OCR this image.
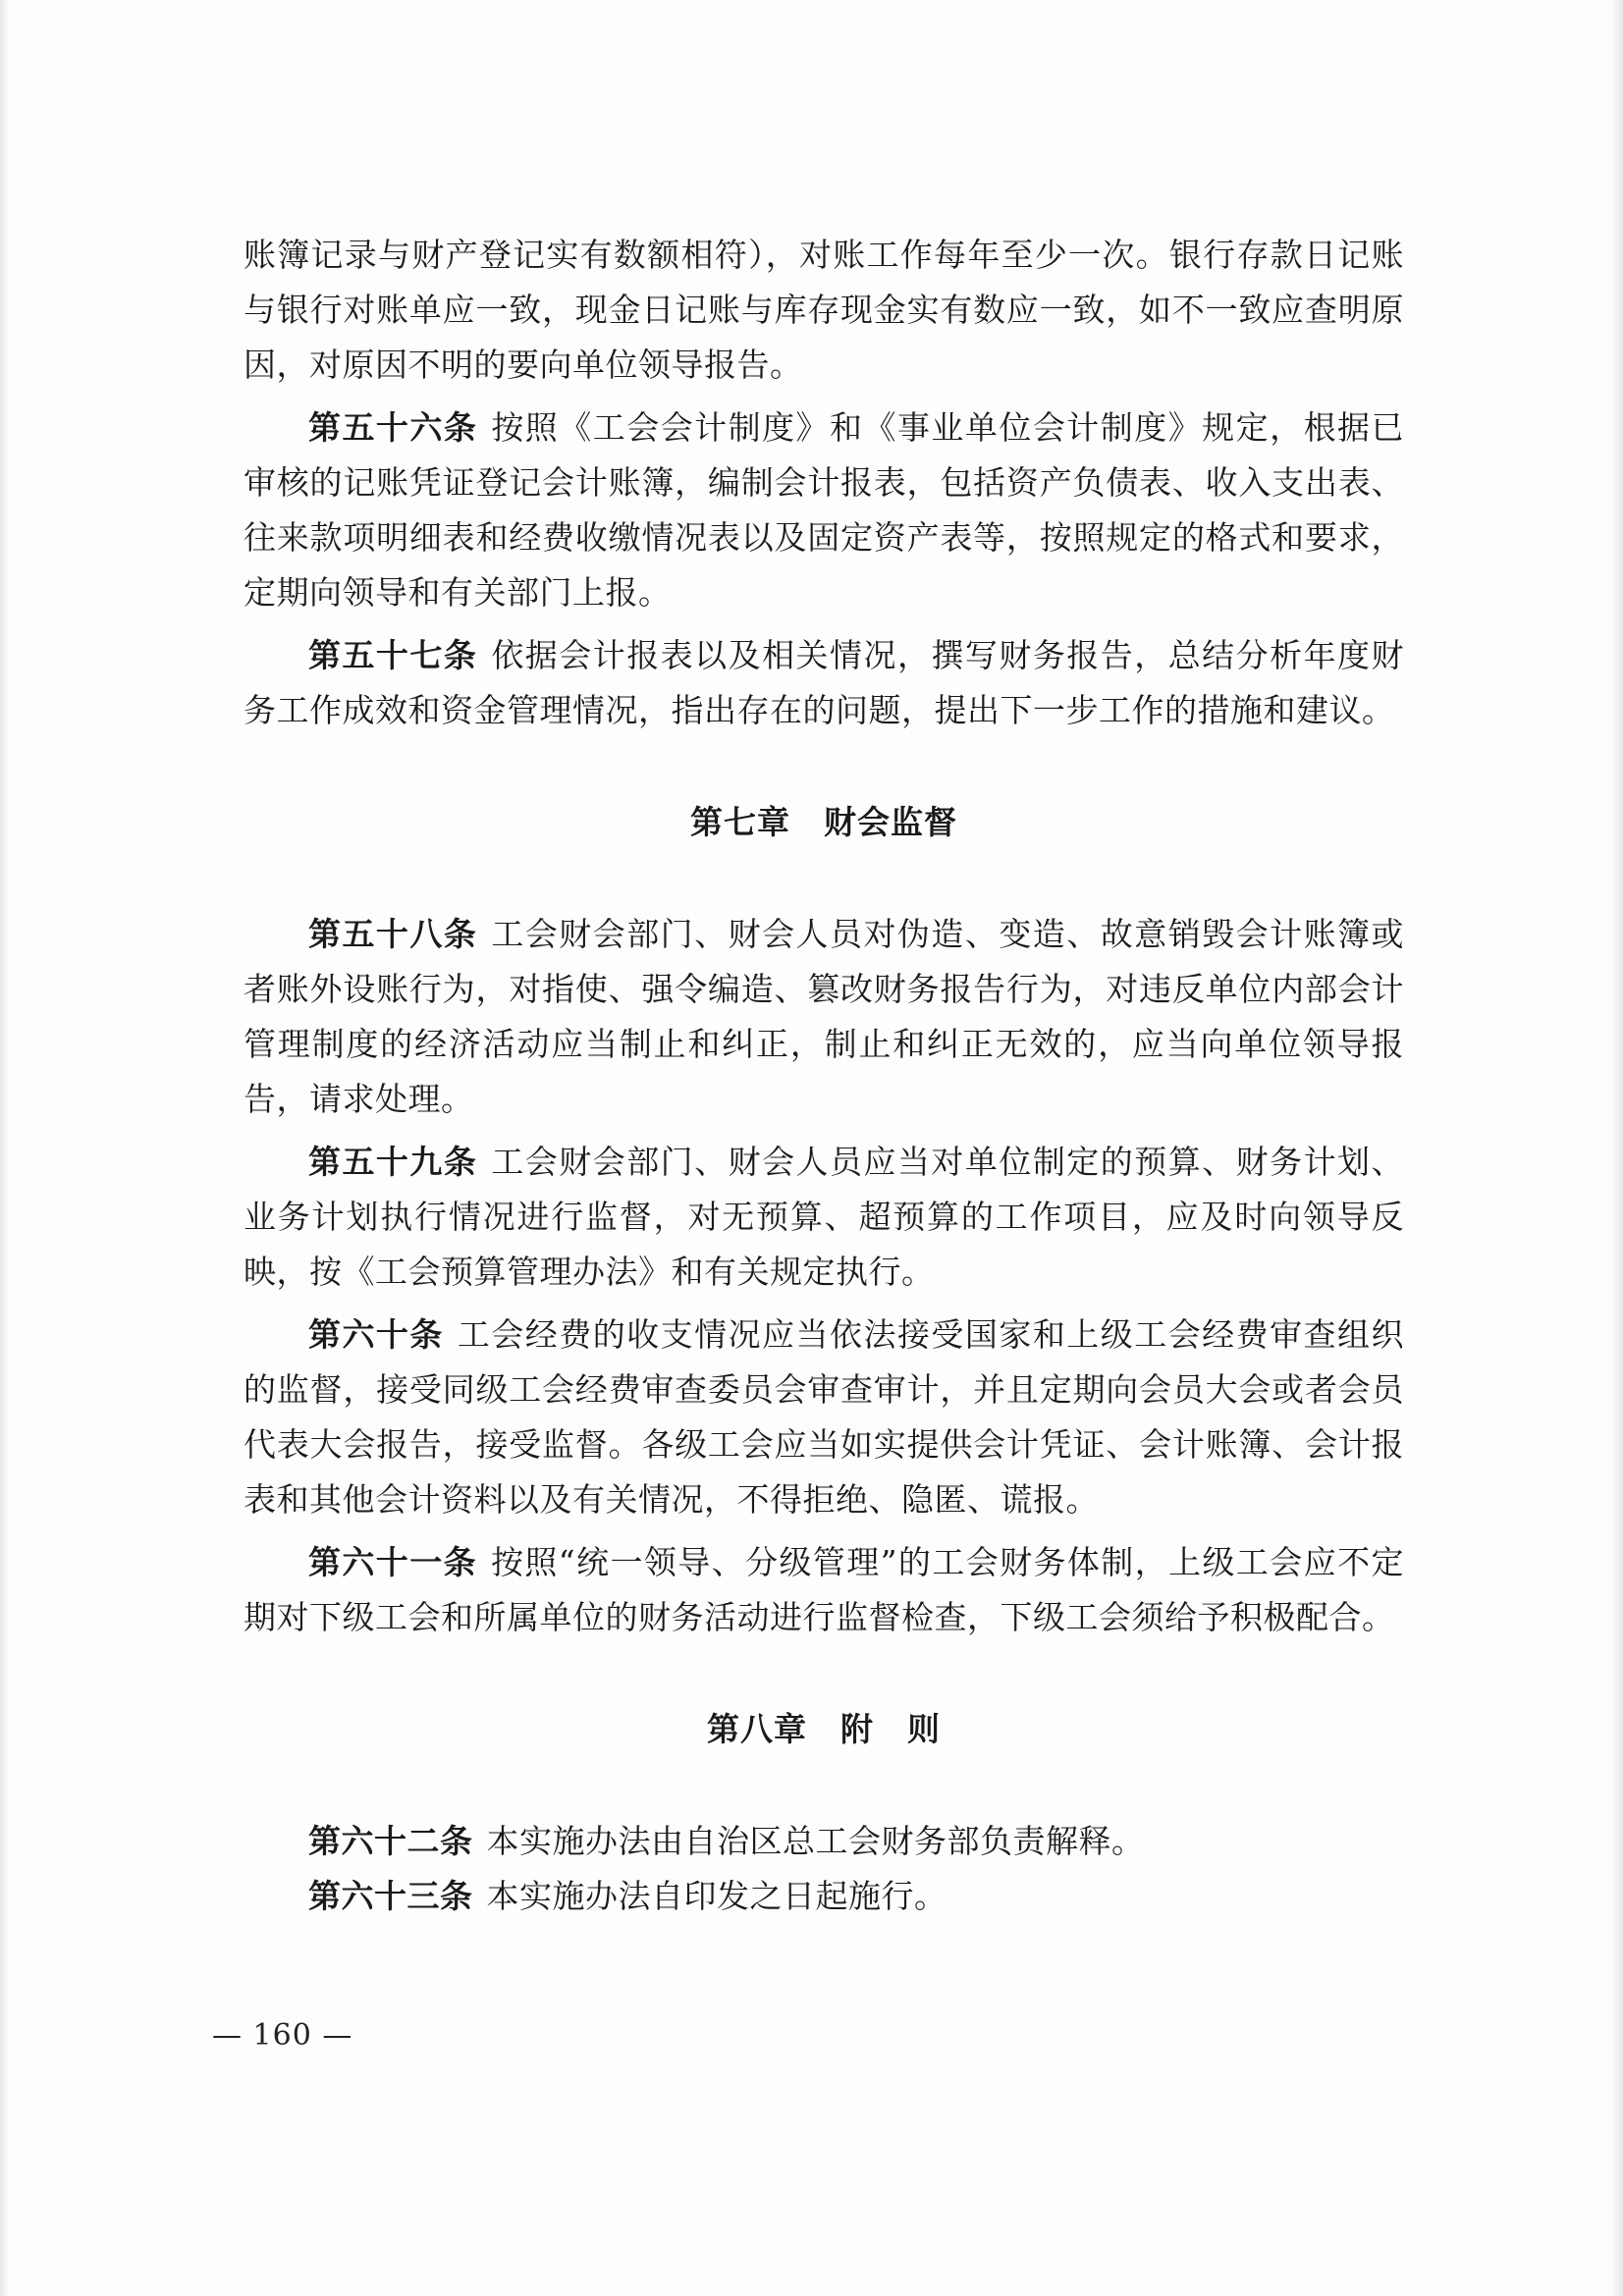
账簿记录与财产登记实有数额相符），对账工作每年至少一次。银行存款日记账与银行对账单应一致，现金日记账与库存现金实有数应一致，如不一致应查明原因，对原因不明的要向单位领导报告。

第五十六条 按照《工会会计制度》和《事业单位会计制度》规定，根据已审核的记账凭证登记会计账簿，编制会计报表，包括资产负债表、收入支出表、往来款项明细表和经费收缴情况表以及固定资产表等，按照规定的格式和要求，定期向领导和有关部门上报。

第五十七条 依据会计报表以及相关情况，撰写财务报告，总结分析年度财务工作成效和资金管理情况，指出存在的问题，提出下一步工作的措施和建议。

第七章 财会监督

第五十八条 工会财会部门、财会人员对伪造、变造、故意销毁会计账簿或者账外设账行为，对指使、强令编造、篡改财务报告行为，对违反单位内部会计管理制度的经济活动应当制止和纠正，制止和纠正无效的，应当向单位领导报告，请求处理。

第五十九条 工会财会部门、财会人员应当对单位制定的预算、财务计划、业务计划执行情况进行监督，对无预算、超预算的工作项目，应及时向领导反映，按《工会预算管理办法》和有关规定执行。

第六十条 工会经费的收支情况应当依法接受国家和上级工会经费审查组织的监督，接受同级工会经费审查委员会审查审计，并且定期向会员大会或者会员代表大会报告，接受监督。各级工会应当如实提供会计凭证、会计账簿、会计报表和其他会计资料以及有关情况，不得拒绝、隐匿、谎报。

第六十一条 按照“统一领导、分级管理”的工会财务体制，上级工会应不定期对下级工会和所属单位的财务活动进行监督检查，下级工会须给予积极配合。

第八章 附 则

第六十二条 本实施办法由自治区总工会财务部负责解释。

第六十三条 本实施办法自印发之日起施行。

— 160 —
